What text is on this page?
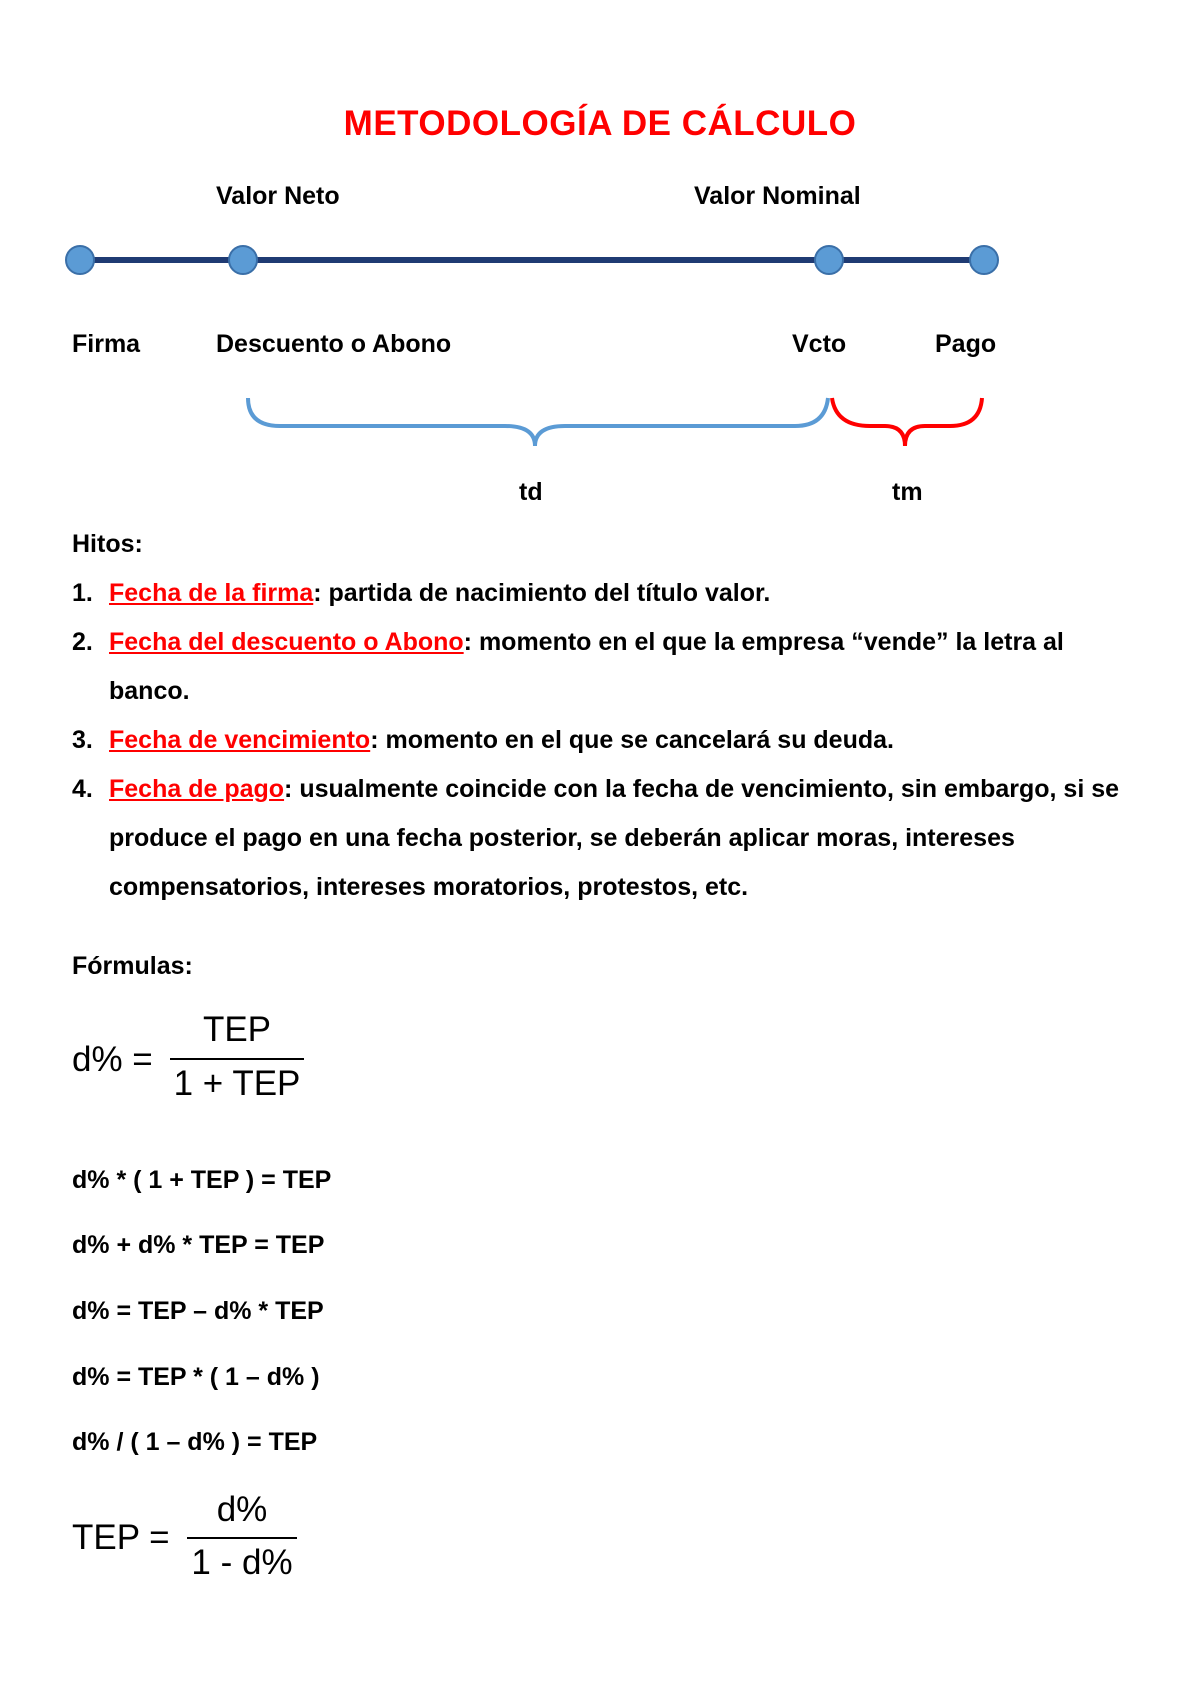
METODOLOGÍA DE CÁLCULO
Valor Neto	Valor Nominal
Firma	Descuento o Abono	Vcto	Pago
td	tm
Hitos:
1. Fecha de la firma: partida de nacimiento del título valor.
2. Fecha del descuento o Abono: momento en el que la empresa “vende” la letra al banco.
3. Fecha de vencimiento: momento en el que se cancelará su deuda.
4. Fecha de pago: usualmente coincide con la fecha de vencimiento, sin embargo, si se produce el pago en una fecha posterior, se deberán aplicar moras, intereses compensatorios, intereses moratorios, protestos, etc.
Fórmulas:
d% =
TEP
1 + TEP
d% * ( 1 + TEP ) = TEP
d% + d% * TEP = TEP
d% = TEP – d% * TEP
d% = TEP * ( 1 – d% )
d% / ( 1 – d% ) = TEP
TEP =
d%
1 - d%
